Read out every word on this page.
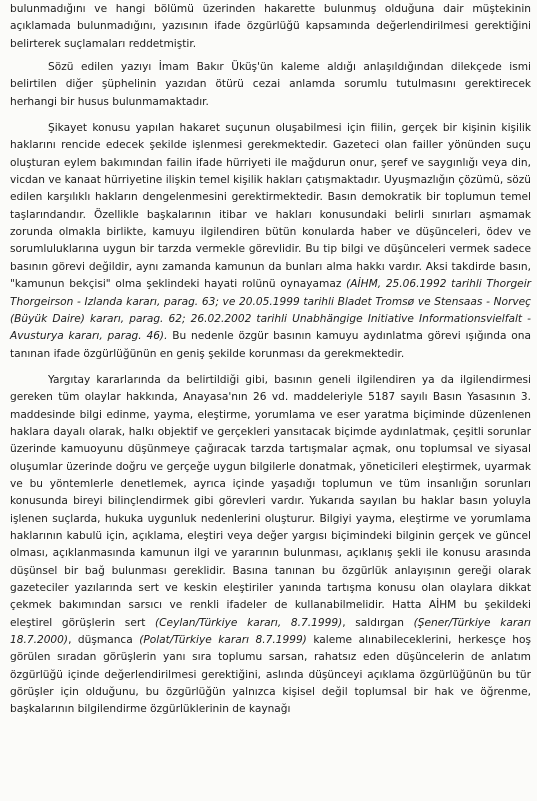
bulunmadığını ve hangi bölümü üzerinden hakarette bulunmuş olduğuna dair müştekinin açıklamada bulunmadığını, yazısının ifade özgürlüğü kapsamında değerlendirilmesi gerektiğini belirterek suçlamaları reddetmiştir.

Sözü edilen yazıyı İmam Bakır Üküş'ün kaleme aldığı anlaşıldığından dilekçede ismi belirtilen diğer şüphelinin yazıdan ötürü cezai anlamda sorumlu tutulmasını gerektirecek herhangi bir husus bulunmamaktadır.

Şikayet konusu yapılan hakaret suçunun oluşabilmesi için fiilin, gerçek bir kişinin kişilik haklarını rencide edecek şekilde işlenmesi gerekmektedir. Gazeteci olan failler yönünden suçu oluşturan eylem bakımından failin ifade hürriyeti ile mağdurun onur, şeref ve saygınlığı veya din, vicdan ve kanaat hürriyetine ilişkin temel kişilik hakları çatışmaktadır. Uyuşmazlığın çözümü, sözü edilen karşılıklı hakların dengelenmesini gerektirmektedir. Basın demokratik bir toplumun temel taşlarındandır. Özellikle başkalarının itibar ve hakları konusundaki belirli sınırları aşmamak zorunda olmakla birlikte, kamuyu ilgilendiren bütün konularda haber ve düşünceleri, ödev ve sorumluluklarına uygun bir tarzda vermekle görevlidir. Bu tip bilgi ve düşünceleri vermek sadece basının görevi değildir, aynı zamanda kamunun da bunları alma hakkı vardır. Aksi takdirde basın, "kamunun bekçisi" olma şeklindeki hayati rolünü oynayamaz (AİHM, 25.06.1992 tarihli Thorgeir Thorgeirson - Izlanda kararı, parag. 63; ve 20.05.1999 tarihli Bladet Tromsø ve Stensaas - Norveç (Büyük Daire) kararı, parag. 62; 26.02.2002 tarihli Unabhängige Initiative Informationsvielfalt - Avusturya kararı, parag. 46). Bu nedenle özgür basının kamuyu aydınlatma görevi ışığında ona tanınan ifade özgürlüğünün en geniş şekilde korunması da gerekmektedir.

Yargıtay kararlarında da belirtildiği gibi, basının geneli ilgilendiren ya da ilgilendirmesi gereken tüm olaylar hakkında, Anayasa'nın 26 vd. maddeleriyle 5187 sayılı Basın Yasasının 3. maddesinde bilgi edinme, yayma, eleştirme, yorumlama ve eser yaratma biçiminde düzenlenen haklara dayalı olarak, halkı objektif ve gerçekleri yansıtacak biçimde aydınlatmak, çeşitli sorunlar üzerinde kamuoyunu düşünmeye çağıracak tarzda tartışmalar açmak, onu toplumsal ve siyasal oluşumlar üzerinde doğru ve gerçeğe uygun bilgilerle donatmak, yöneticileri eleştirmek, uyarmak ve bu yöntemlerle denetlemek, ayrıca içinde yaşadığı toplumun ve tüm insanlığın sorunları konusunda bireyi bilinçlendirmek gibi görevleri vardır. Yukarıda sayılan bu haklar basın yoluyla işlenen suçlarda, hukuka uygunluk nedenlerini oluşturur. Bilgiyi yayma, eleştirme ve yorumlama haklarının kabulü için, açıklama, eleştiri veya değer yargısı biçimindeki bilginin gerçek ve güncel olması, açıklanmasında kamunun ilgi ve yararının bulunması, açıklanış şekli ile konusu arasında düşünsel bir bağ bulunması gereklidir. Basına tanınan bu özgürlük anlayışının gereği olarak gazeteciler yazılarında sert ve keskin eleştiriler yanında tartışma konusu olan olaylara dikkat çekmek bakımından sarsıcı ve renkli ifadeler de kullanabilmelidir. Hatta AİHM bu şekildeki eleştirel görüşlerin sert (Ceylan/Türkiye kararı, 8.7.1999), saldırgan (Şener/Türkiye kararı 18.7.2000), düşmanca (Polat/Türkiye kararı 8.7.1999) kaleme alınabileceklerini, herkesçe hoş görülen sıradan görüşlerin yanı sıra toplumu sarsan, rahatsız eden düşüncelerin de anlatım özgürlüğü içinde değerlendirilmesi gerektiğini, aslında düşünceyi açıklama özgürlüğünün bu tür görüşler için olduğunu, bu özgürlüğün yalnızca kişisel değil toplumsal bir hak ve öğrenme, başkalarının bilgilendirme özgürlüklerinin de kaynağı
